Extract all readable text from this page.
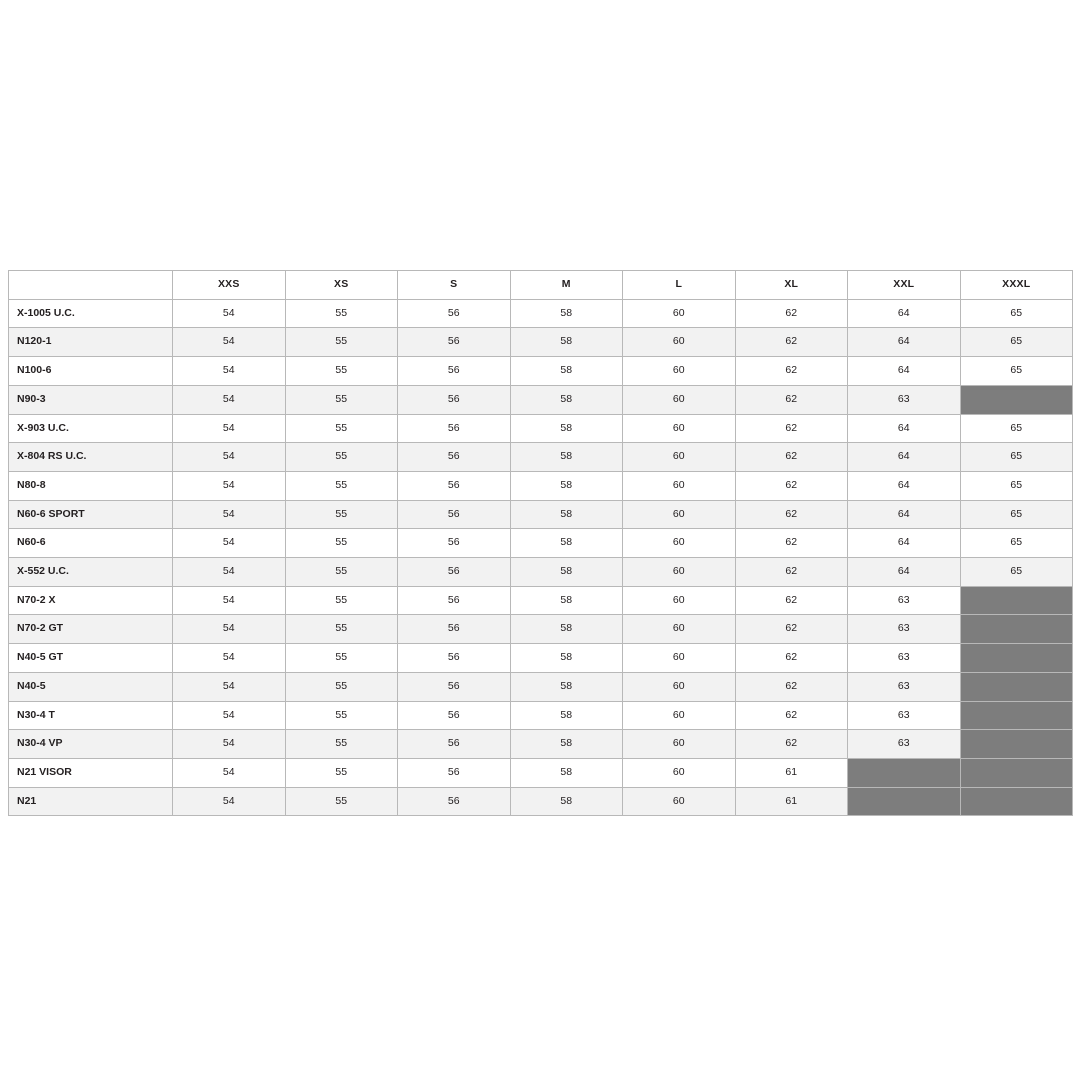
	XXS	XS	S	M	L	XL	XXL	XXXL
X-1005 U.C.	54	55	56	58	60	62	64	65
N120-1	54	55	56	58	60	62	64	65
N100-6	54	55	56	58	60	62	64	65
N90-3	54	55	56	58	60	62	63	
X-903 U.C.	54	55	56	58	60	62	64	65
X-804 RS U.C.	54	55	56	58	60	62	64	65
N80-8	54	55	56	58	60	62	64	65
N60-6 SPORT	54	55	56	58	60	62	64	65
N60-6	54	55	56	58	60	62	64	65
X-552 U.C.	54	55	56	58	60	62	64	65
N70-2 X	54	55	56	58	60	62	63	
N70-2 GT	54	55	56	58	60	62	63	
N40-5 GT	54	55	56	58	60	62	63	
N40-5	54	55	56	58	60	62	63	
N30-4 T	54	55	56	58	60	62	63	
N30-4 VP	54	55	56	58	60	62	63	
N21 VISOR	54	55	56	58	60	61		
N21	54	55	56	58	60	61		
